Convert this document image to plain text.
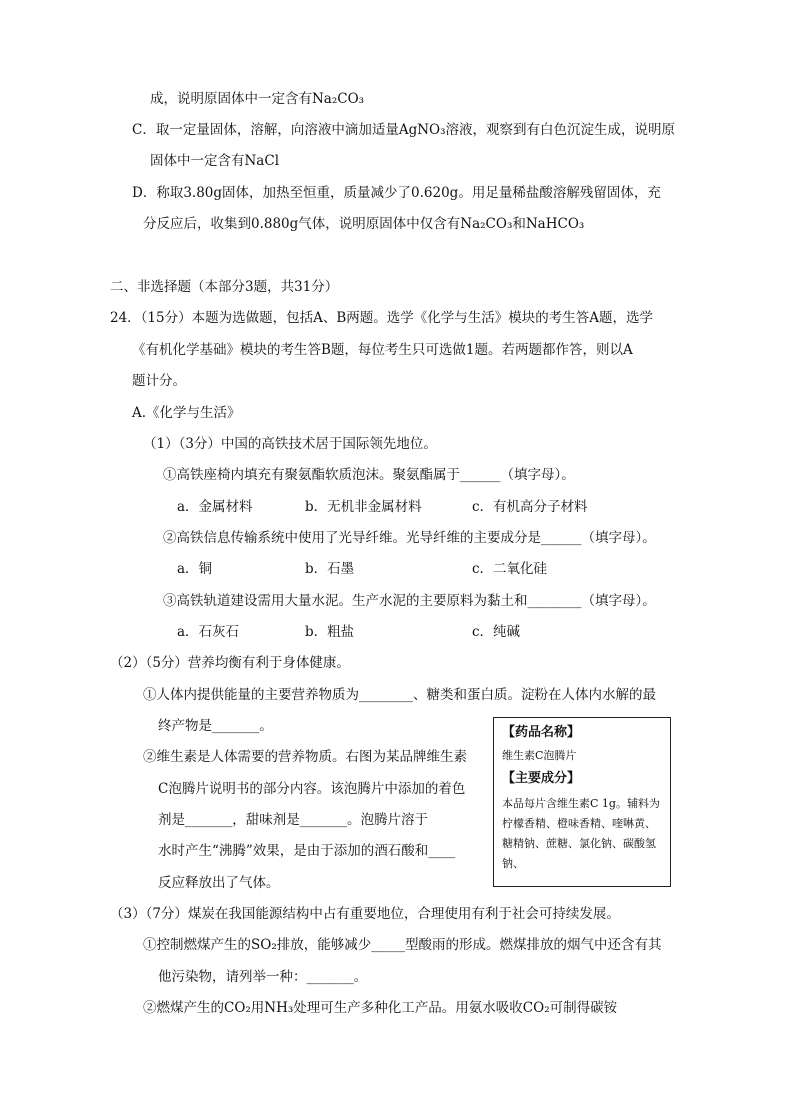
成，说明原固体中一定含有Na₂CO₃
C．取一定量固体，溶解，向溶液中滴加适量AgNO₃溶液，观察到有白色沉淀生成，说明原
固体中一定含有NaCl
D．称取3.80g固体，加热至恒重，质量减少了0.620g。用足量稀盐酸溶解残留固体，充
分反应后，收集到0.880g气体，说明原固体中仅含有Na₂CO₃和NaHCO₃
二、非选择题（本部分3题，共31分）
24．（15分）本题为选做题，包括A、B两题。选学《化学与生活》模块的考生答A题，选学
《有机化学基础》模块的考生答B题，每位考生只可选做1题。若两题都作答，则以A
题计分。
A.《化学与生活》
（1）（3分）中国的高铁技术居于国际领先地位。
①高铁座椅内填充有聚氨酯软质泡沫。聚氨酯属于______（填字母）。
a．金属材料	b．无机非金属材料	c．有机高分子材料
②高铁信息传输系统中使用了光导纤维。光导纤维的主要成分是______（填字母）。
a．铜	b．石墨	c．二氧化硅
③高铁轨道建设需用大量水泥。生产水泥的主要原料为黏土和________（填字母）。
a．石灰石	b．粗盐	c．纯碱
（2）（5分）营养均衡有利于身体健康。
①人体内提供能量的主要营养物质为________、糖类和蛋白质。淀粉在人体内水解的最
终产物是_______。
②维生素是人体需要的营养物质。右图为某品牌维生素
C泡腾片说明书的部分内容。该泡腾片中添加的着色
剂是_______，甜味剂是_______。泡腾片溶于
水时产生“沸腾”效果，是由于添加的酒石酸和____
反应释放出了气体。
【药品名称】
维生素C泡腾片
【主要成分】
本品每片含维生素C 1g。辅料为柠檬香精、橙味香精、喹啉黄、糖精钠、蔗糖、氯化钠、碳酸氢钠、
（3）（7分）煤炭在我国能源结构中占有重要地位，合理使用有利于社会可持续发展。
①控制燃煤产生的SO₂排放，能够减少_____型酸雨的形成。燃煤排放的烟气中还含有其
他污染物，请列举一种：_______。
②燃煤产生的CO₂用NH₃处理可生产多种化工产品。用氨水吸收CO₂可制得碳铵
